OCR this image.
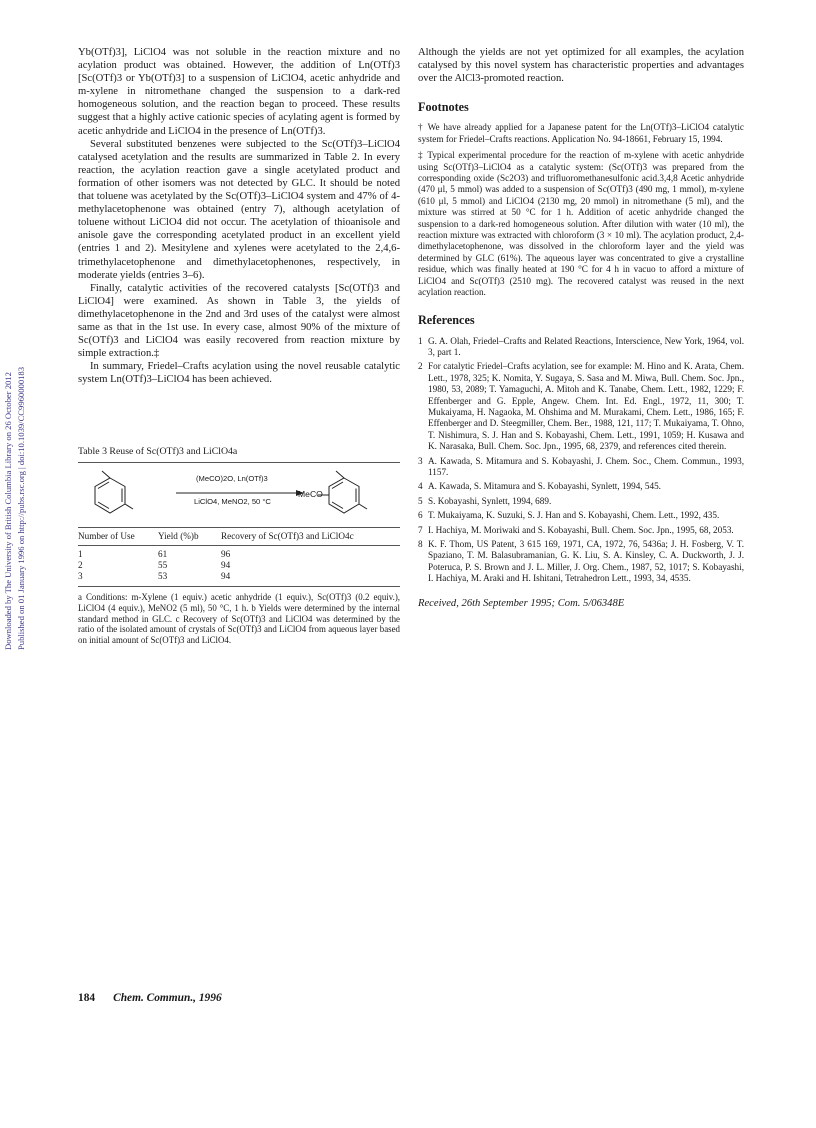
Downloaded by The University of British Columbia Library on 26 October 2012 Published on 01 January 1996 on http://pubs.rsc.org | doi:10.1039/CC9960000183

Yb(OTf)3], LiClO4 was not soluble in the reaction mixture and no acylation product was obtained. However, the addition of Ln(OTf)3 [Sc(OTf)3 or Yb(OTf)3] to a suspension of LiClO4, acetic anhydride and m-xylene in nitromethane changed the suspension to a dark-red homogeneous solution, and the reaction began to proceed. These results suggest that a highly active cationic species of acylating agent is formed by acetic anhydride and LiClO4 in the presence of Ln(OTf)3.

Several substituted benzenes were subjected to the Sc(OTf)3–LiClO4 catalysed acetylation and the results are summarized in Table 2. In every reaction, the acylation reaction gave a single acetylated product and formation of other isomers was not detected by GLC. It should be noted that toluene was acetylated by the Sc(OTf)3–LiClO4 system and 47% of 4-methylacetophenone was obtained (entry 7), although acetylation of toluene without LiClO4 did not occur. The acetylation of thioanisole and anisole gave the corresponding acetylated product in an excellent yield (entries 1 and 2). Mesitylene and xylenes were acetylated to the 2,4,6-trimethylacetophenone and dimethylacetophenones, respectively, in moderate yields (entries 3–6).

Finally, catalytic activities of the recovered catalysts [Sc(OTf)3 and LiClO4] were examined. As shown in Table 3, the yields of dimethylacetophenone in the 2nd and 3rd uses of the catalyst were almost same as that in the 1st use. In every case, almost 90% of the mixture of Sc(OTf)3 and LiClO4 was easily recovered from reaction mixture by simple extraction.‡

In summary, Friedel–Crafts acylation using the novel reusable catalytic system Ln(OTf)3–LiClO4 has been achieved.

Table 3 Reuse of Sc(OTf)3 and LiClO4a
(MeCO)2O, Ln(OTf)3
LiClO4, MeNO2, 50 °C
MeCO
Number of Use	Yield (%)b	Recovery of Sc(OTf)3 and LiClO4c
1	61	96
2	55	94
3	53	94
a Conditions: m-Xylene (1 equiv.) acetic anhydride (1 equiv.), Sc(OTf)3 (0.2 equiv.), LiClO4 (4 equiv.), MeNO2 (5 ml), 50 °C, 1 h. b Yields were determined by the internal standard method in GLC. c Recovery of Sc(OTf)3 and LiClO4 was determined by the ratio of the isolated amount of crystals of Sc(OTf)3 and LiClO4 from aqueous layer based on initial amount of Sc(OTf)3 and LiClO4.

Although the yields are not yet optimized for all examples, the acylation catalysed by this novel system has characteristic properties and advantages over the AlCl3-promoted reaction.

Footnotes

† We have already applied for a Japanese patent for the Ln(OTf)3–LiClO4 catalytic system for Friedel–Crafts reactions. Application No. 94-18661, February 15, 1994.

‡ Typical experimental procedure for the reaction of m-xylene with acetic anhydride using Sc(OTf)3–LiClO4 as a catalytic system: (Sc(OTf)3 was prepared from the corresponding oxide (Sc2O3) and trifluoromethanesulfonic acid.3,4,8 Acetic anhydride (470 μl, 5 mmol) was added to a suspension of Sc(OTf)3 (490 mg, 1 mmol), m-xylene (610 μl, 5 mmol) and LiClO4 (2130 mg, 20 mmol) in nitromethane (5 ml), and the mixture was stirred at 50 °C for 1 h. Addition of acetic anhydride changed the suspension to a dark-red homogeneous solution. After dilution with water (10 ml), the reaction mixture was extracted with chloroform (3 × 10 ml). The acylation product, 2,4-dimethylacetophenone, was dissolved in the chloroform layer and the yield was determined by GLC (61%). The aqueous layer was concentrated to give a crystalline residue, which was finally heated at 190 °C for 4 h in vacuo to afford a mixture of LiClO4 and Sc(OTf)3 (2510 mg). The recovered catalyst was reused in the next acylation reaction.

References
1 G. A. Olah, Friedel–Crafts and Related Reactions, Interscience, New York, 1964, vol. 3, part 1.
2 For catalytic Friedel–Crafts acylation, see for example: M. Hino and K. Arata, Chem. Lett., 1978, 325; K. Nomita, Y. Sugaya, S. Sasa and M. Miwa, Bull. Chem. Soc. Jpn., 1980, 53, 2089; T. Yamaguchi, A. Mitoh and K. Tanabe, Chem. Lett., 1982, 1229; F. Effenberger and G. Epple, Angew. Chem. Int. Ed. Engl., 1972, 11, 300; T. Mukaiyama, H. Nagaoka, M. Ohshima and M. Murakami, Chem. Lett., 1986, 165; F. Effenberger and D. Steegmiller, Chem. Ber., 1988, 121, 117; T. Mukaiyama, T. Ohno, T. Nishimura, S. J. Han and S. Kobayashi, Chem. Lett., 1991, 1059; H. Kusawa and K. Narasaka, Bull. Chem. Soc. Jpn., 1995, 68, 2379, and references cited therein.
3 A. Kawada, S. Mitamura and S. Kobayashi, J. Chem. Soc., Chem. Commun., 1993, 1157.
4 A. Kawada, S. Mitamura and S. Kobayashi, Synlett, 1994, 545.
5 S. Kobayashi, Synlett, 1994, 689.
6 T. Mukaiyama, K. Suzuki, S. J. Han and S. Kobayashi, Chem. Lett., 1992, 435.
7 I. Hachiya, M. Moriwaki and S. Kobayashi, Bull. Chem. Soc. Jpn., 1995, 68, 2053.
8 K. F. Thom, US Patent, 3 615 169, 1971, CA, 1972, 76, 5436a; J. H. Fosberg, V. T. Spaziano, T. M. Balasubramanian, G. K. Liu, S. A. Kinsley, C. A. Duckworth, J. J. Poteruca, P. S. Brown and J. L. Miller, J. Org. Chem., 1987, 52, 1017; S. Kobayashi, I. Hachiya, M. Araki and H. Ishitani, Tetrahedron Lett., 1993, 34, 4535.
Received, 26th September 1995; Com. 5/06348E
184 Chem. Commun., 1996
